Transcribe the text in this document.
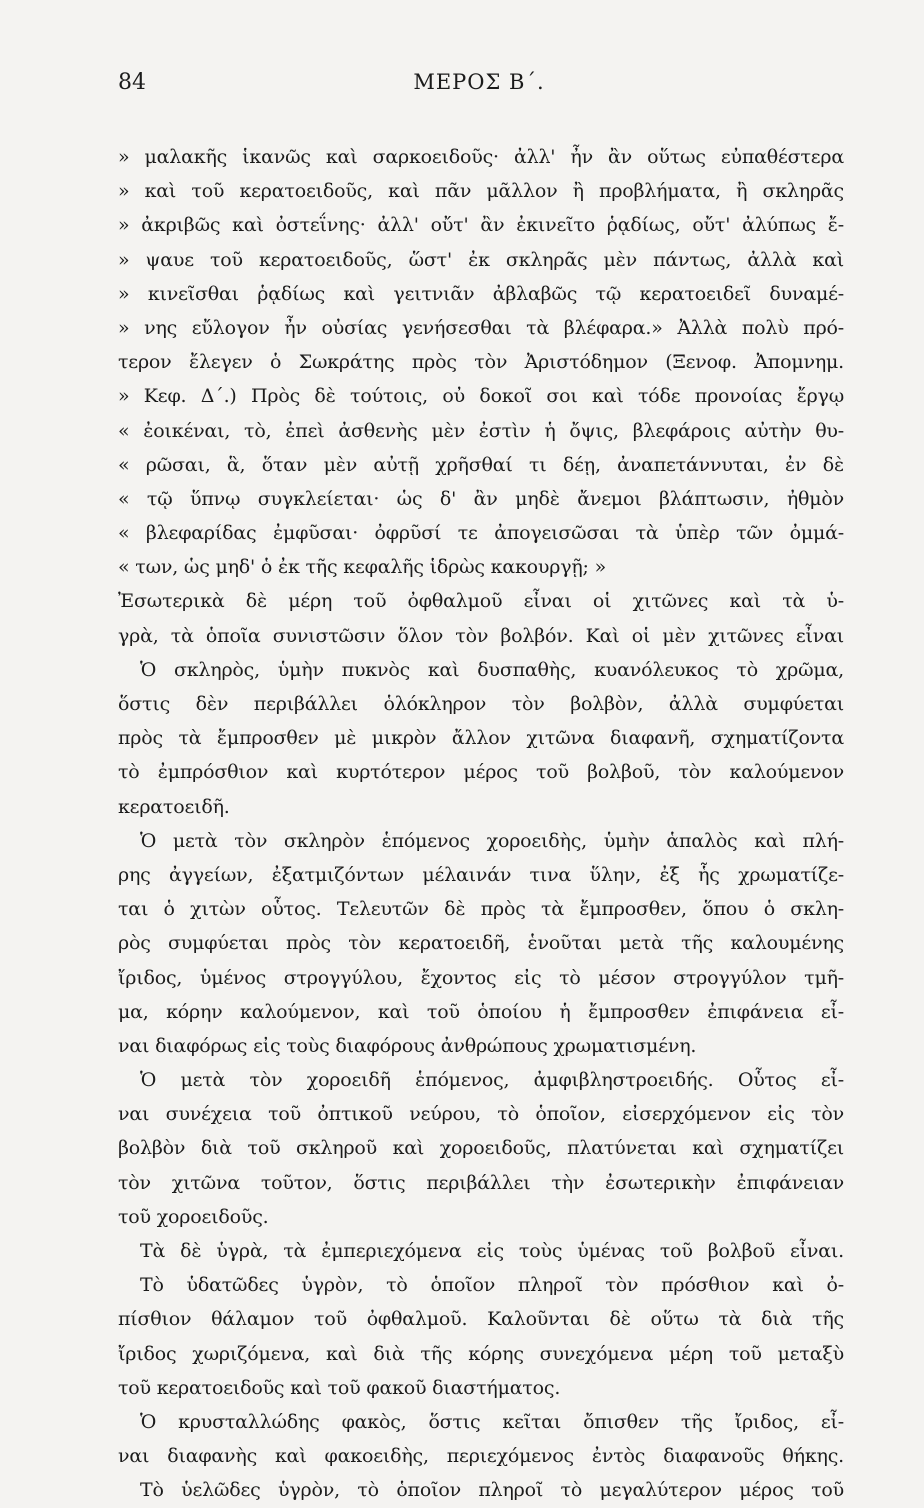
84	ΜΕΡΟΣ Β΄.
» μαλακῆς ἱκανῶς καὶ σαρκοειδοῦς· ἀλλ' ἦν ἂν οὕτως εὐπαθέστερα
» καὶ τοῦ κερατοειδοῦς, καὶ πᾶν μᾶλλον ἢ προβλήματα, ἢ σκληρᾶς
» ἀκριβῶς καὶ ὀστεΐνης· ἀλλ' οὔτ' ἂν ἐκινεῖτο ῥᾳδίως, οὔτ' ἀλύπως ἔ-
» ψαυε τοῦ κερατοειδοῦς, ὥστ' ἐκ σκληρᾶς μὲν πάντως, ἀλλὰ καὶ
» κινεῖσθαι ῥᾳδίως καὶ γειτνιᾶν ἀβλαβῶς τῷ κερατοειδεῖ δυναμέ-
» νης εὔλογον ἦν οὐσίας γενήσεσθαι τὰ βλέφαρα.» Ἀλλὰ πολὺ πρό-
τερον ἔλεγεν ὁ Σωκράτης πρὸς τὸν Ἀριστόδημον (Ξενοφ. Ἀπομνημ.
» Κεφ. Δ΄.) Πρὸς δὲ τούτοις, οὐ δοκοῖ σοι καὶ τόδε προνοίας ἔργῳ
« ἐοικέναι, τὸ, ἐπεὶ ἀσθενὴς μὲν ἐστὶν ἡ ὄψις, βλεφάροις αὐτὴν θυ-
« ρῶσαι, ἃ, ὅταν μὲν αὐτῇ χρῆσθαί τι δέῃ, ἀναπετάννυται, ἐν δὲ
« τῷ ὕπνῳ συγκλείεται· ὡς δ' ἂν μηδὲ ἄνεμοι βλάπτωσιν, ἠθμὸν
« βλεφαρίδας ἐμφῦσαι· ὀφρῦσί τε ἀπογεισῶσαι τὰ ὑπὲρ τῶν ὀμμά-
« των, ὡς μηδ' ὁ ἐκ τῆς κεφαλῆς ἱδρὼς κακουργῇ; »
Ἐσωτερικὰ δὲ μέρη τοῦ ὀφθαλμοῦ εἶναι οἱ χιτῶνες καὶ τὰ ὑ-
γρὰ, τὰ ὁποῖα συνιστῶσιν ὅλον τὸν βολβόν. Καὶ οἱ μὲν χιτῶνες εἶναι
Ὁ σκληρὸς, ὑμὴν πυκνὸς καὶ δυσπαθὴς, κυανόλευκος τὸ χρῶμα,
ὅστις δὲν περιβάλλει ὁλόκληρον τὸν βολβὸν, ἀλλὰ συμφύεται
πρὸς τὰ ἔμπροσθεν μὲ μικρὸν ἄλλον χιτῶνα διαφανῆ, σχηματίζοντα
τὸ ἐμπρόσθιον καὶ κυρτότερον μέρος τοῦ βολβοῦ, τὸν καλούμενον
κερατοειδῆ.
Ὁ μετὰ τὸν σκληρὸν ἑπόμενος χοροειδὴς, ὑμὴν ἁπαλὸς καὶ πλή-
ρης ἀγγείων, ἐξατμιζόντων μέλαινάν τινα ὕλην, ἐξ ἧς χρωματίζε-
ται ὁ χιτὼν οὗτος. Τελευτῶν δὲ πρὸς τὰ ἔμπροσθεν, ὅπου ὁ σκλη-
ρὸς συμφύεται πρὸς τὸν κερατοειδῆ, ἑνοῦται μετὰ τῆς καλουμένης
ἴριδος, ὑμένος στρογγύλου, ἔχοντος εἰς τὸ μέσον στρογγύλον τμῆ-
μα, κόρην καλούμενον, καὶ τοῦ ὁποίου ἡ ἔμπροσθεν ἐπιφάνεια εἶ-
ναι διαφόρως εἰς τοὺς διαφόρους ἀνθρώπους χρωματισμένη.
Ὁ μετὰ τὸν χοροειδῆ ἑπόμενος, ἀμφιβληστροειδής. Οὗτος εἶ-
ναι συνέχεια τοῦ ὀπτικοῦ νεύρου, τὸ ὁποῖον, εἰσερχόμενον εἰς τὸν
βολβὸν διὰ τοῦ σκληροῦ καὶ χοροειδοῦς, πλατύνεται καὶ σχηματίζει
τὸν χιτῶνα τοῦτον, ὅστις περιβάλλει τὴν ἐσωτερικὴν ἐπιφάνειαν
τοῦ χοροειδοῦς.
Τὰ δὲ ὑγρὰ, τὰ ἐμπεριεχόμενα εἰς τοὺς ὑμένας τοῦ βολβοῦ εἶναι.
Τὸ ὑδατῶδες ὑγρὸν, τὸ ὁποῖον πληροῖ τὸν πρόσθιον καὶ ὀ-
πίσθιον θάλαμον τοῦ ὀφθαλμοῦ. Καλοῦνται δὲ οὕτω τὰ διὰ τῆς
ἴριδος χωριζόμενα, καὶ διὰ τῆς κόρης συνεχόμενα μέρη τοῦ μεταξὺ
τοῦ κερατοειδοῦς καὶ τοῦ φακοῦ διαστήματος.
Ὁ κρυσταλλώδης φακὸς, ὅστις κεῖται ὄπισθεν τῆς ἴριδος, εἶ-
ναι διαφανὴς καὶ φακοειδὴς, περιεχόμενος ἐντὸς διαφανοῦς θήκης.
Τὸ ὑελῶδες ὑγρὸν, τὸ ὁποῖον πληροῖ τὸ μεγαλύτερον μέρος τοῦ
